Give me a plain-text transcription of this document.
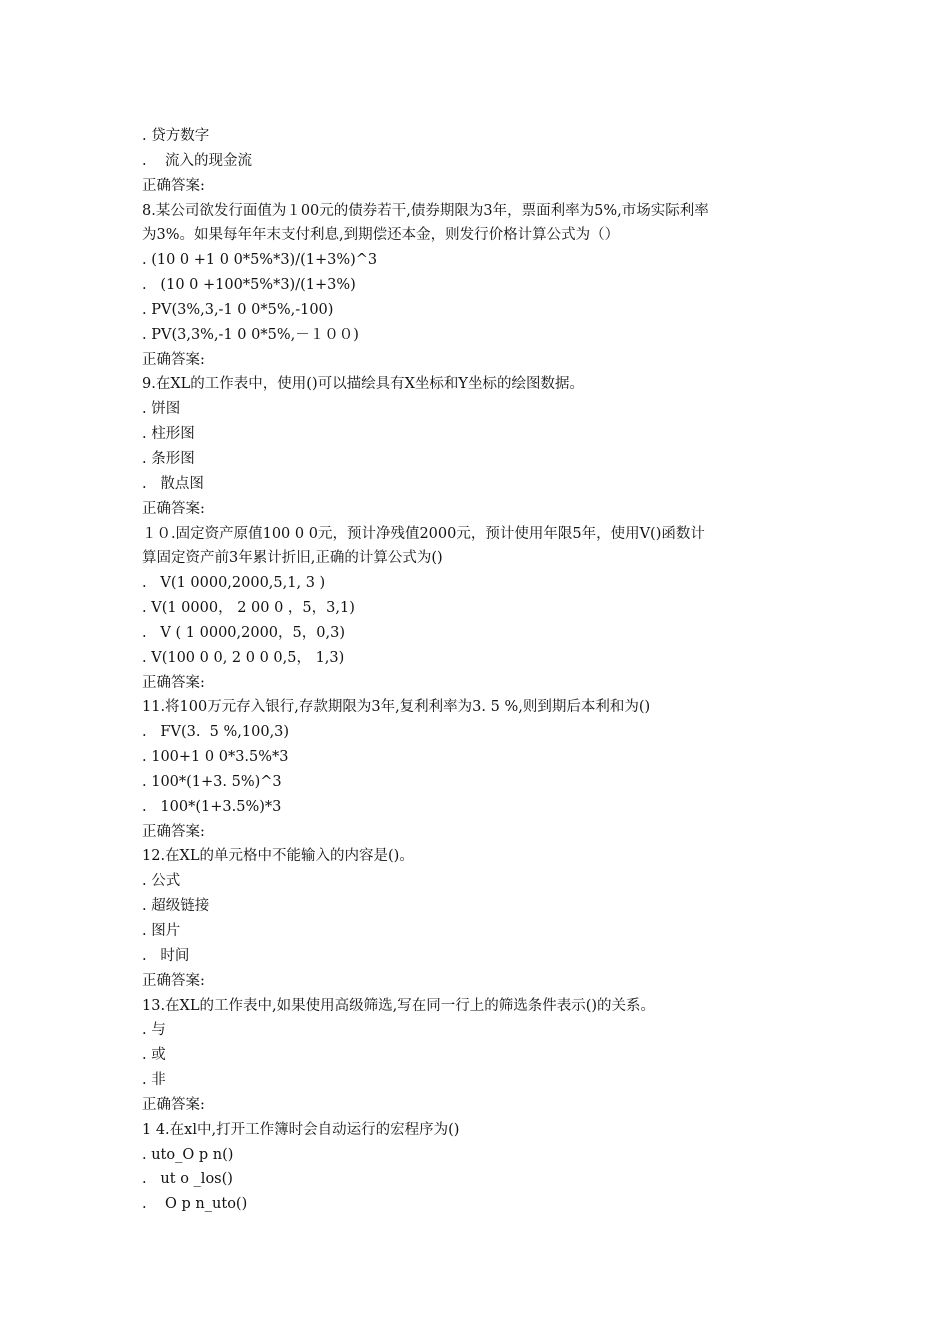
. 贷方数字
.    流入的现金流
正确答案:
8.某公司欲发行面值为１00元的债券若干,债券期限为3年，票面利率为5%,市场实际利率
为3%。如果每年年末支付利息,到期偿还本金，则发行价格计算公式为（）
. (10 0 +1 0 0*5%*3)/(1+3%)^3
.   (10 0 +100*5%*3)/(1+3%)
. PV(3%,3,-1 0 0*5%,-100)
. PV(3,3%,-1 0 0*5%,－１００)
正确答案:
9.在XL的工作表中，使用()可以描绘具有X坐标和Y坐标的绘图数据。
. 饼图
. 柱形图
. 条形图
.   散点图
正确答案:
１０.固定资产原值100 0 0元，预计净残值2000元，预计使用年限5年，使用V()函数计
算固定资产前3年累计折旧,正确的计算公式为()
.   V(1 0000,2000,5,1, 3 )
. V(1 0000， 2 00 0 ，5，3,1)
.   V ( 1 0000,2000，5，0,3)
. V(100 0 0, 2 0 0 0,5， 1,3)
正确答案:
11.将100万元存入银行,存款期限为3年,复利利率为3. 5 %,则到期后本利和为()
.   FV(3.  5 %,100,3)
. 100+1 0 0*3.5%*3
. 100*(1+3. 5%)^3
.   100*(1+3.5%)*3
正确答案:
12.在XL的单元格中不能输入的内容是()。
. 公式
. 超级链接
. 图片
.   时间
正确答案:
13.在XL的工作表中,如果使用高级筛选,写在同一行上的筛选条件表示()的关系。
. 与
. 或
. 非
正确答案:
1 4.在xl中,打开工作簿时会自动运行的宏程序为()
. uto_O p n()
.   ut o _los()
.    O p n_uto()
